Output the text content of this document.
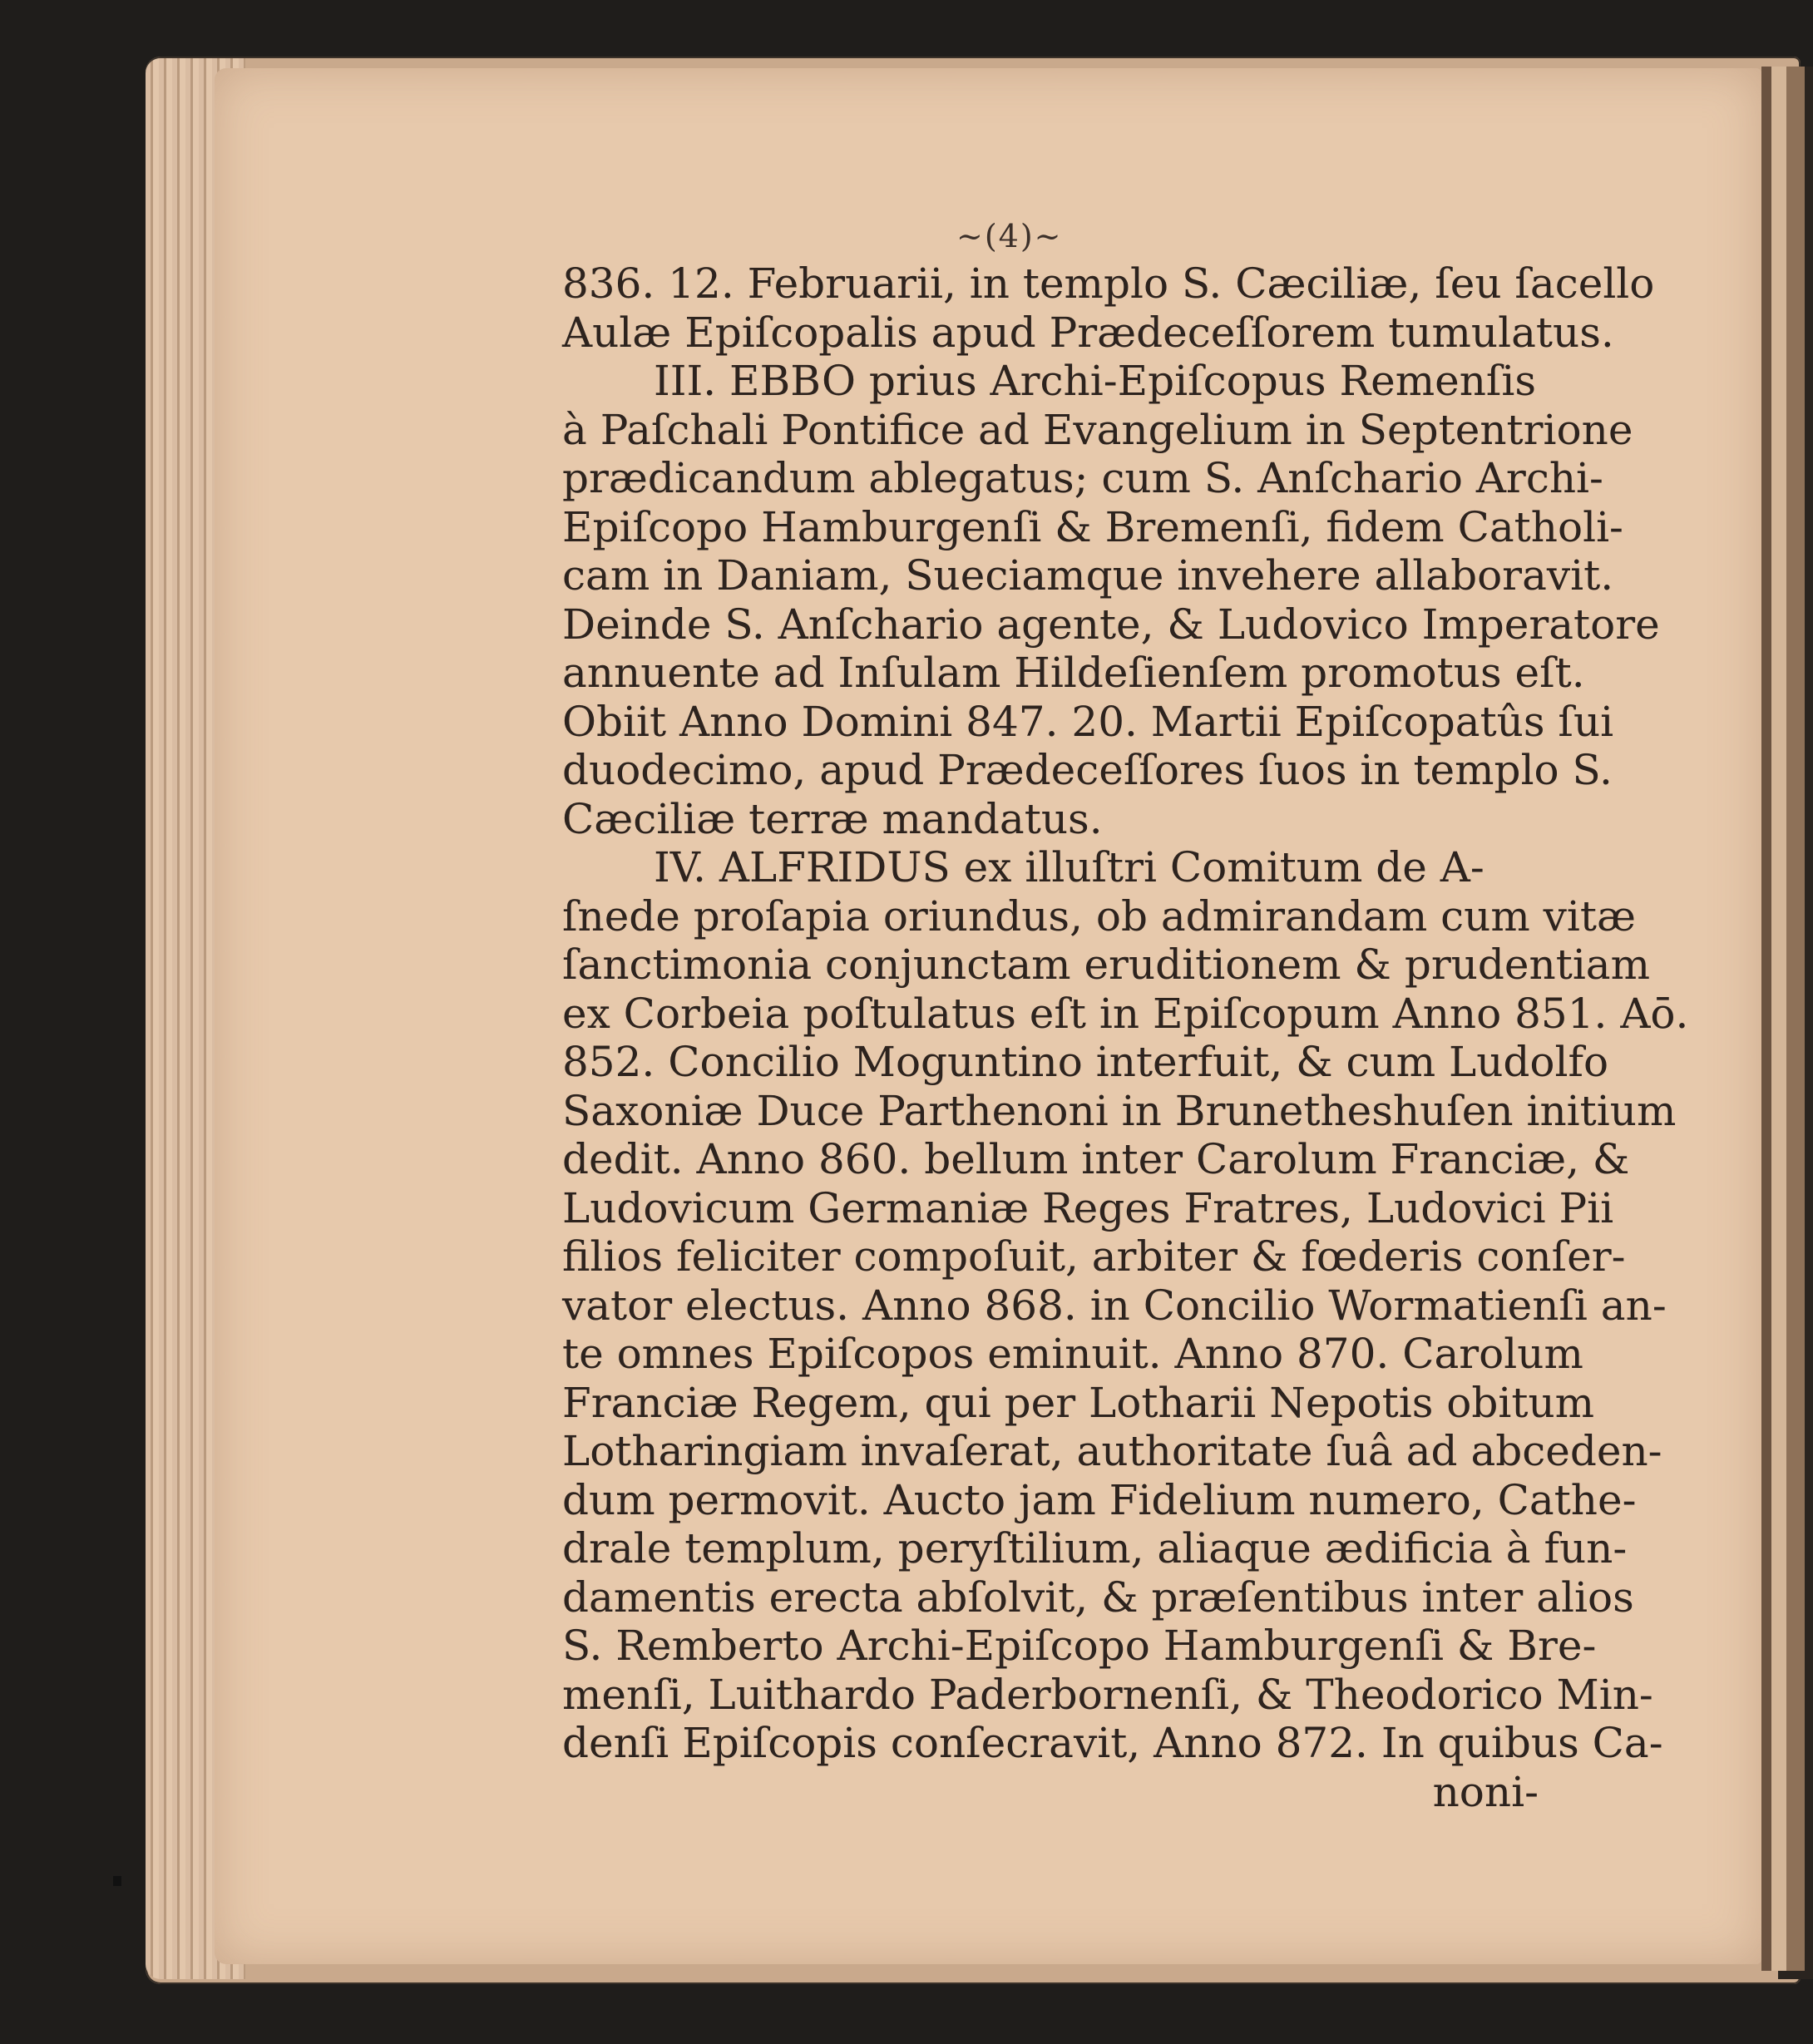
~(4)~
836. 12. Februarii, in templo S. Cæciliæ, ſeu ſacello
Aulæ Epiſcopalis apud Prædeceſſorem tumulatus.
III. EBBO prius Archi-Epiſcopus Remenſis
à Paſchali Pontifice ad Evangelium in Septentrione
prædicandum ablegatus; cum S. Anſchario Archi-
Epiſcopo Hamburgenſi & Bremenſi, fidem Catholi-
cam in Daniam, Sueciamque invehere allaboravit.
Deinde S. Anſchario agente, & Ludovico Imperatore
annuente ad Inſulam Hildeſienſem promotus eſt.
Obiit Anno Domini 847. 20. Martii Epiſcopatûs ſui
duodecimo, apud Prædeceſſores ſuos in templo S.
Cæciliæ terræ mandatus.
IV. ALFRIDUS ex illuſtri Comitum de A-
ſnede proſapia oriundus, ob admirandam cum vitæ
ſanctimonia conjunctam eruditionem & prudentiam
ex Corbeia poſtulatus eſt in Epiſcopum Anno 851. Aō.
852. Concilio Moguntino interfuit, & cum Ludolfo
Saxoniæ Duce Parthenoni in Brunetheshuſen initium
dedit. Anno 860. bellum inter Carolum Franciæ, &
Ludovicum Germaniæ Reges Fratres, Ludovici Pii
filios feliciter compoſuit, arbiter & fœderis conſer-
vator electus. Anno 868. in Concilio Wormatienſi an-
te omnes Epiſcopos eminuit. Anno 870. Carolum
Franciæ Regem, qui per Lotharii Nepotis obitum
Lotharingiam invaſerat, authoritate ſuâ ad abceden-
dum permovit. Aucto jam Fidelium numero, Cathe-
drale templum, peryſtilium, aliaque ædificia à fun-
damentis erecta abſolvit, & præſentibus inter alios
S. Remberto Archi-Epiſcopo Hamburgenſi & Bre-
menſi, Luithardo Paderbornenſi, & Theodorico Min-
denſi Epiſcopis conſecravit, Anno 872. In quibus Ca-
noni-
